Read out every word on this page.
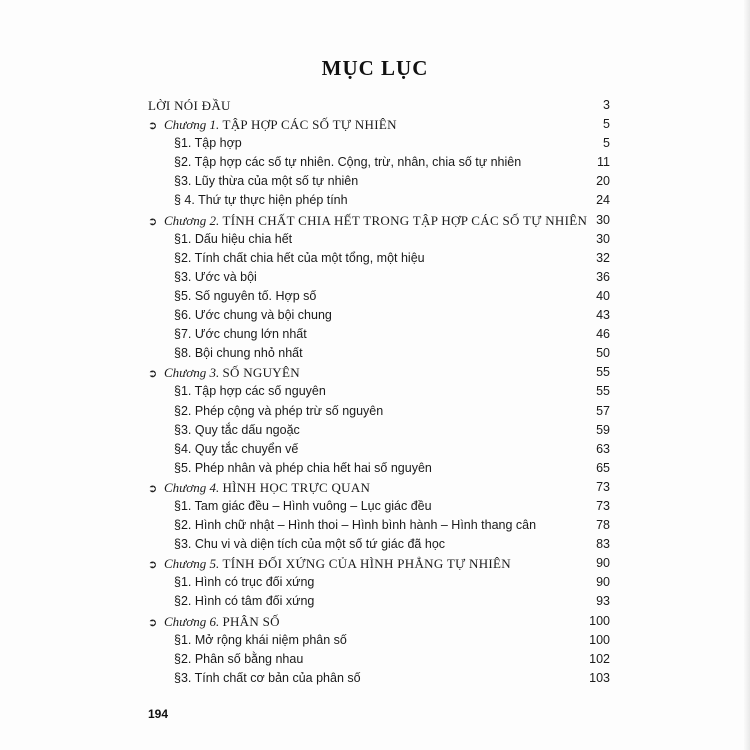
MỤC LỤC
LỜI NÓI ĐẦU	3
➲ Chương 1. TẬP HỢP CÁC SỐ TỰ NHIÊN	5
§1. Tập hợp	5
§2. Tập hợp các số tự nhiên. Cộng, trừ, nhân, chia số tự nhiên	11
§3. Lũy thừa của một số tự nhiên	20
§ 4. Thứ tự thực hiện phép tính	24
➲ Chương 2. TÍNH CHẤT CHIA HẾT TRONG TẬP HỢP CÁC SỐ TỰ NHIÊN 30
§1. Dấu hiệu chia hết	30
§2. Tính chất chia hết của một tổng, một hiệu	32
§3. Ước và bội	36
§5. Số nguyên tố. Hợp số	40
§6. Ước chung và bội chung	43
§7. Ước chung lớn nhất	46
§8. Bội chung nhỏ nhất	50
➲ Chương 3. SỐ NGUYÊN	55
§1. Tập hợp các số nguyên	55
§2. Phép cộng và phép trừ số nguyên	57
§3. Quy tắc dấu ngoặc	59
§4. Quy tắc chuyển vế	63
§5. Phép nhân và phép chia hết hai số nguyên	65
➲ Chương 4. HÌNH HỌC TRỰC QUAN	73
§1. Tam giác đều – Hình vuông – Lục giác đều	73
§2. Hình chữ nhật – Hình thoi – Hình bình hành – Hình thang cân	78
§3. Chu vi và diện tích của một số tứ giác đã học	83
➲ Chương 5. TÍNH ĐỐI XỨNG CỦA HÌNH PHẲNG TỰ NHIÊN	90
§1. Hình có trục đối xứng	90
§2. Hình có tâm đối xứng	93
➲ Chương 6. PHÂN SỐ	100
§1. Mở rộng khái niệm phân số	100
§2. Phân số bằng nhau	102
§3. Tính chất cơ bản của phân số	103
194
